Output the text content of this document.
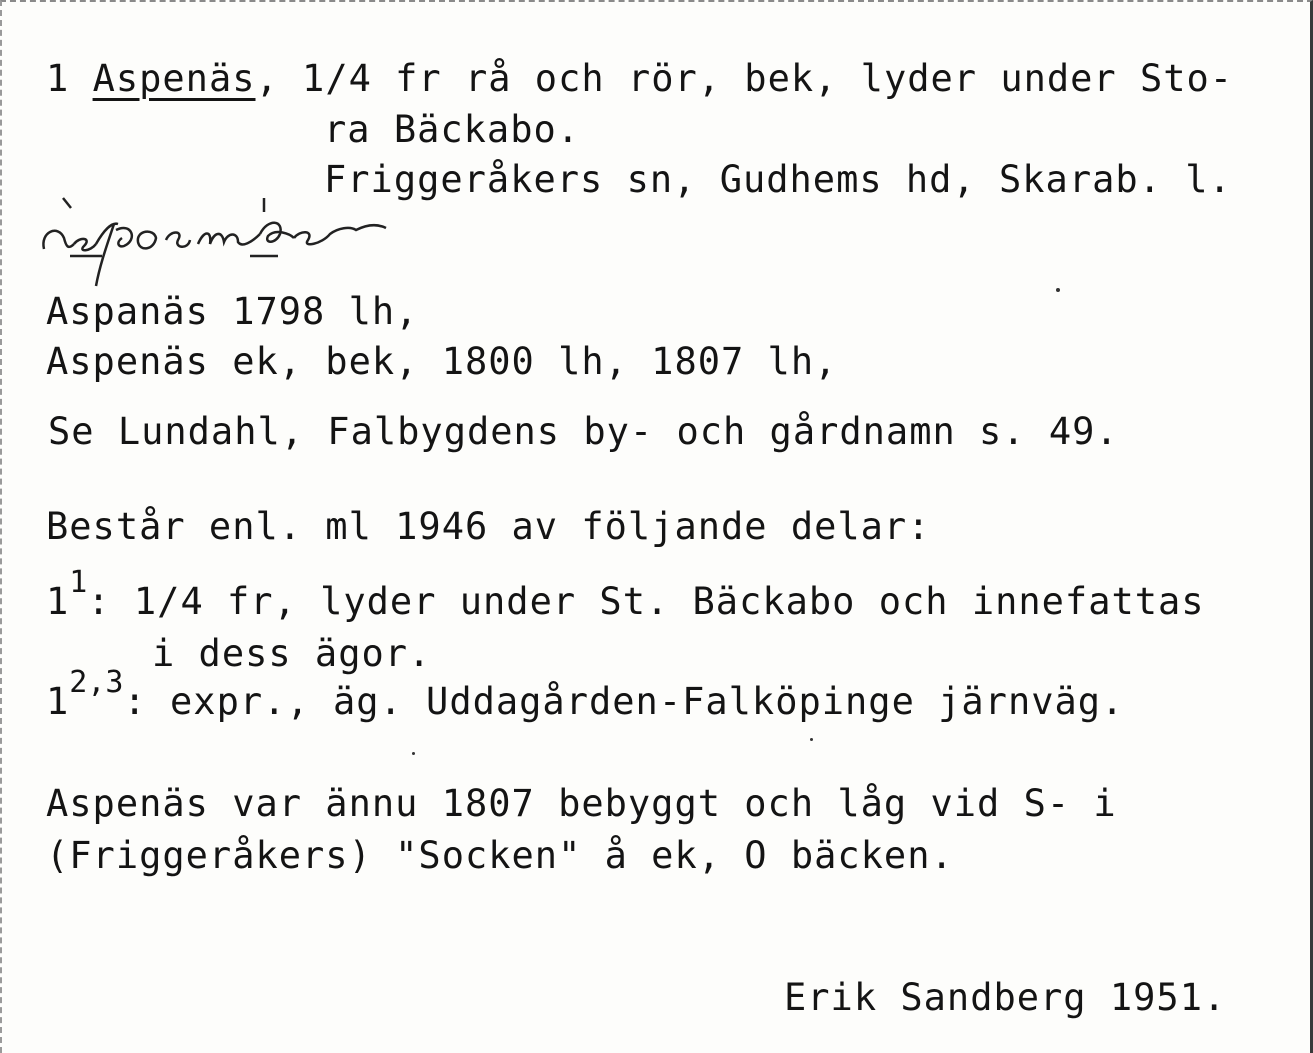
1 Aspenäs, 1/4 fr rå och rör, bek, lyder under Sto-
ra Bäckabo.
Friggeråkers sn, Gudhems hd, Skarab. l.
Aspanäs 1798 lh,
Aspenäs ek, bek, 1800 lh, 1807 lh,
Se Lundahl, Falbygdens by- och gårdnamn s. 49.
Består enl. ml 1946 av följande delar:
$1^1$: 1/4 fr, lyder under St. Bäckabo och innefattas
i dess ägor.
1$^{2,3}$: expr., äg. Uddagården-Falköpinge järnväg.
Aspenäs var ännu 1807 bebyggt och låg vid S- i
(Friggeråkers) "Socken" å ek, O bäcken.
Erik Sandberg 1951.
